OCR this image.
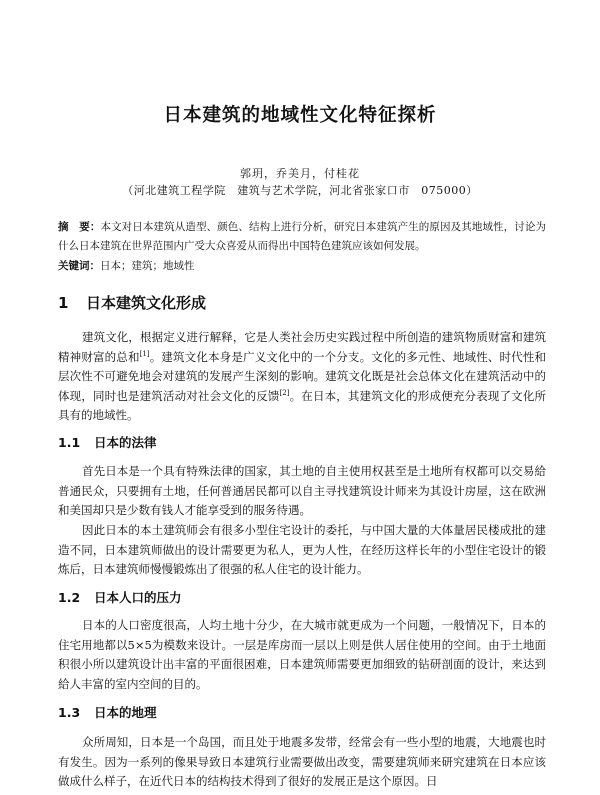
日本建筑的地域性文化特征探析
郭玥，乔美月，付桂花
（河北建筑工程学院　建筑与艺术学院，河北省张家口市　075000）
摘　要：本文对日本建筑从造型、颜色、结构上进行分析，研究日本建筑产生的原因及其地域性，讨论为什么日本建筑在世界范围内广受大众喜爱从而得出中国特色建筑应该如何发展。
关键词：日本；建筑；地域性
1 日本建筑文化形成
建筑文化，根据定义进行解释，它是人类社会历史实践过程中所创造的建筑物质财富和建筑精神财富的总和[1]。建筑文化本身是广义文化中的一个分支。文化的多元性、地域性、时代性和层次性不可避免地会对建筑的发展产生深刻的影响。建筑文化既是社会总体文化在建筑活动中的体现，同时也是建筑活动对社会文化的反馈[2]。在日本，其建筑文化的形成便充分表现了文化所具有的地域性。
1.1 日本的法律
首先日本是一个具有特殊法律的国家，其土地的自主使用权甚至是土地所有权都可以交易給普通民众，只要拥有土地，任何普通居民都可以自主寻找建筑设计师来为其设计房屋，这在欧洲和美国却只是少数有钱人才能享受到的服务待遇。
因此日本的本土建筑师会有很多小型住宅设计的委托，与中国大量的大体量居民楼成批的建造不同，日本建筑师做出的设计需要更为私人，更为人性，在经历这样长年的小型住宅设计的锻炼后，日本建筑师慢慢锻炼出了很强的私人住宅的设计能力。
1.2 日本人口的压力
日本的人口密度很高，人均土地十分少，在大城市就更成为一个问题，一般情况下，日本的住宅用地都以5×5为模数来设计。一层是库房而一层以上则是供人居住使用的空间。由于土地面积很小所以建筑设计出丰富的平面很困难，日本建筑师需要更加细致的钻研剖面的设计，来达到給人丰富的室内空间的目的。
1.3 日本的地理
众所周知，日本是一个岛国，而且处于地震多发带，经常会有一些小型的地震，大地震也时有发生。因为一系列的像果导致日本建筑行业需要做出改变，需要建筑师来研究建筑在日本应该做成什么样子，在近代日本的结构技术得到了很好的发展正是这个原因。日
